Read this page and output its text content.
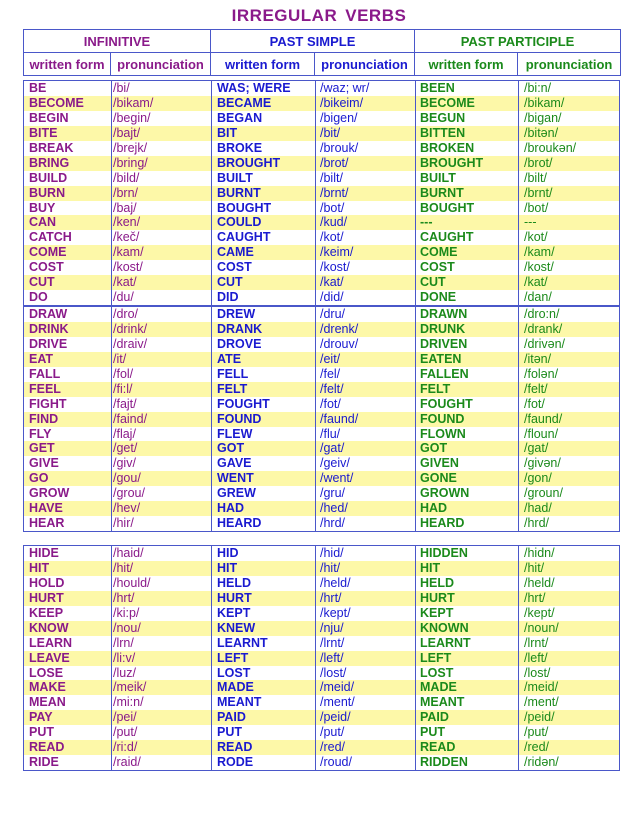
IRREGULAR VERBS
INFINITIVE		PAST SIMPLE		PAST PARTICIPLE	
written form	pronunciation	written form	pronunciation	written form	pronunciation
BE	/bi/	WAS; WERE /waz; wr/	BEEN	/bi:n/
BECOME /bikam/	BECAME	/bikeim/	BECOME	/bikam/
BEGIN	/begin/	BEGAN	/bigen/	BEGUN	/bigan/
BITE	/bajt/	BIT	/bit/	BITTEN	/bitən/
BREAK	/brejk/	BROKE	/brouk/	BROKEN	/broukən/
BRING	/bring/	BROUGHT	/brot/	BROUGHT	/brot/
BUILD	/bild/	BUILT	/bilt/	BUILT	/bilt/
BURN	/brn/	BURNT	/brnt/	BURNT	/brnt/
BUY	/baj/	BOUGHT	/bot/	BOUGHT	/bot/
CAN	/ken/	COULD	/kud/	---	---
CATCH	/keč/	CAUGHT	/kot/	CAUGHT	/kot/
COME	/kam/	CAME	/keim/	COME	/kam/
COST	/kost/	COST	/kost/	COST	/kost/
CUT	/kat/	CUT	/kat/	CUT	/kat/
DO	/du/	DID	/did/	DONE	/dan/
DRAW	/dro/	DREW	/dru/	DRAWN	/dro:n/
DRINK	/drink/	DRANK	/drenk/	DRUNK	/drank/
DRIVE	/draiv/	DROVE	/drouv/	DRIVEN	/drivən/
EAT	/it/	ATE	/eit/	EATEN	/itən/
FALL	/fol/	FELL	/fel/	FALLEN	/folən/
FEEL	/fi:l/	FELT	/felt/	FELT	/felt/
FIGHT	/fajt/	FOUGHT	/fot/	FOUGHT	/fot/
FIND	/faind/	FOUND	/faund/	FOUND	/faund/
FLY	/flaj/	FLEW	/flu/	FLOWN	/floun/
GET	/get/	GOT	/gat/	GOT	/gat/
GIVE	/giv/	GAVE	/geiv/	GIVEN	/givən/
GO	/gou/	WENT	/went/	GONE	/gon/
GROW	/grou/	GREW	/gru/	GROWN	/groun/
HAVE	/hev/	HAD	/hed/	HAD	/had/
HEAR	/hir/	HEARD	/hrd/	HEARD	/hrd/
HIDE	/haid/	HID	/hid/	HIDDEN	/hidn/
HIT	/hit/	HIT	/hit/	HIT	/hit/
HOLD	/hould/	HELD	/held/	HELD	/held/
HURT	/hrt/	HURT	/hrt/	HURT	/hrt/
KEEP	/ki:p/	KEPT	/kept/	KEPT	/kept/
KNOW	/nou/	KNEW	/nju/	KNOWN	/noun/
LEARN	/lrn/	LEARNT	/lrnt/	LEARNT	/lrnt/
LEAVE	/li:v/	LEFT	/left/	LEFT	/left/
LOSE	/luz/	LOST	/lost/	LOST	/lost/
MAKE	/meik/	MADE	/meid/	MADE	/meid/
MEAN	/mi:n/	MEANT	/ment/	MEANT	/ment/
PAY	/pei/	PAID	/peid/	PAID	/peid/
PUT	/put/	PUT	/put/	PUT	/put/
READ	/ri:d/	READ	/red/	READ	/red/
RIDE	/raid/	RODE	/roud/	RIDDEN	/ridən/
